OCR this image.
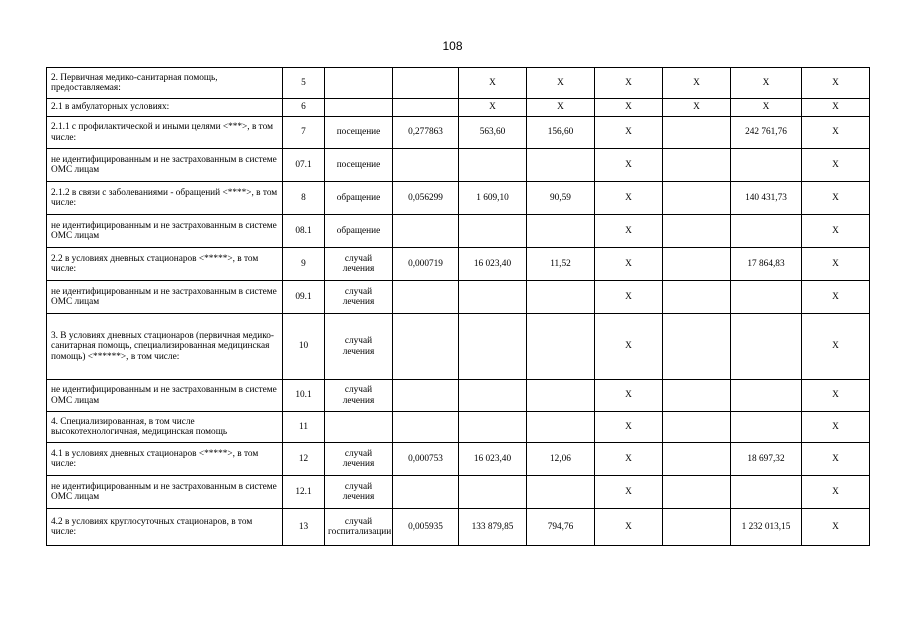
108
2. Первичная медико-санитарная помощь, предоставляемая:	5			Х	Х	Х	Х	Х	Х	
2.1 в амбулаторных условиях:	6			Х	Х	Х	Х	Х	Х	
2.1.1 с профилактической и иными целями <***>, в том числе:	7	посещение	0,277863	563,60	156,60	Х		242 761,76	Х	
не идентифицированным и не застрахованным в системе ОМС лицам	07.1	посещение				Х			Х	
2.1.2 в связи с заболеваниями - обращений <****>, в том числе:	8	обращение	0,056299	1 609,10	90,59	Х		140 431,73	Х	
не идентифицированным и не застрахованным в системе ОМС лицам	08.1	обращение				Х			Х	
2.2 в условиях дневных стационаров <*****>, в том числе:	9	случай лечения	0,000719	16 023,40	11,52	Х		17 864,83	Х	
не идентифицированным и не застрахованным в системе ОМС лицам	09.1	случай лечения				Х			Х	
3. В условиях дневных стационаров (первичная медико-санитарная помощь, специализированная медицинская помощь) <******>, в том числе:	10	случай лечения				Х			Х	
не идентифицированным и не застрахованным в системе ОМС лицам	10.1	случай лечения				Х			Х	
4. Специализированная, в том числе высокотехнологичная, медицинская помощь	11					Х			Х	
4.1 в условиях дневных стационаров <*****>, в том числе:	12	случай лечения	0,000753	16 023,40	12,06	Х		18 697,32	Х	
не идентифицированным и не застрахованным в системе ОМС лицам	12.1	случай лечения				Х			Х	
4.2 в условиях круглосуточных стационаров, в том числе:	13	случай госпитализации	0,005935	133 879,85	794,76	Х		1 232 013,15	Х	
